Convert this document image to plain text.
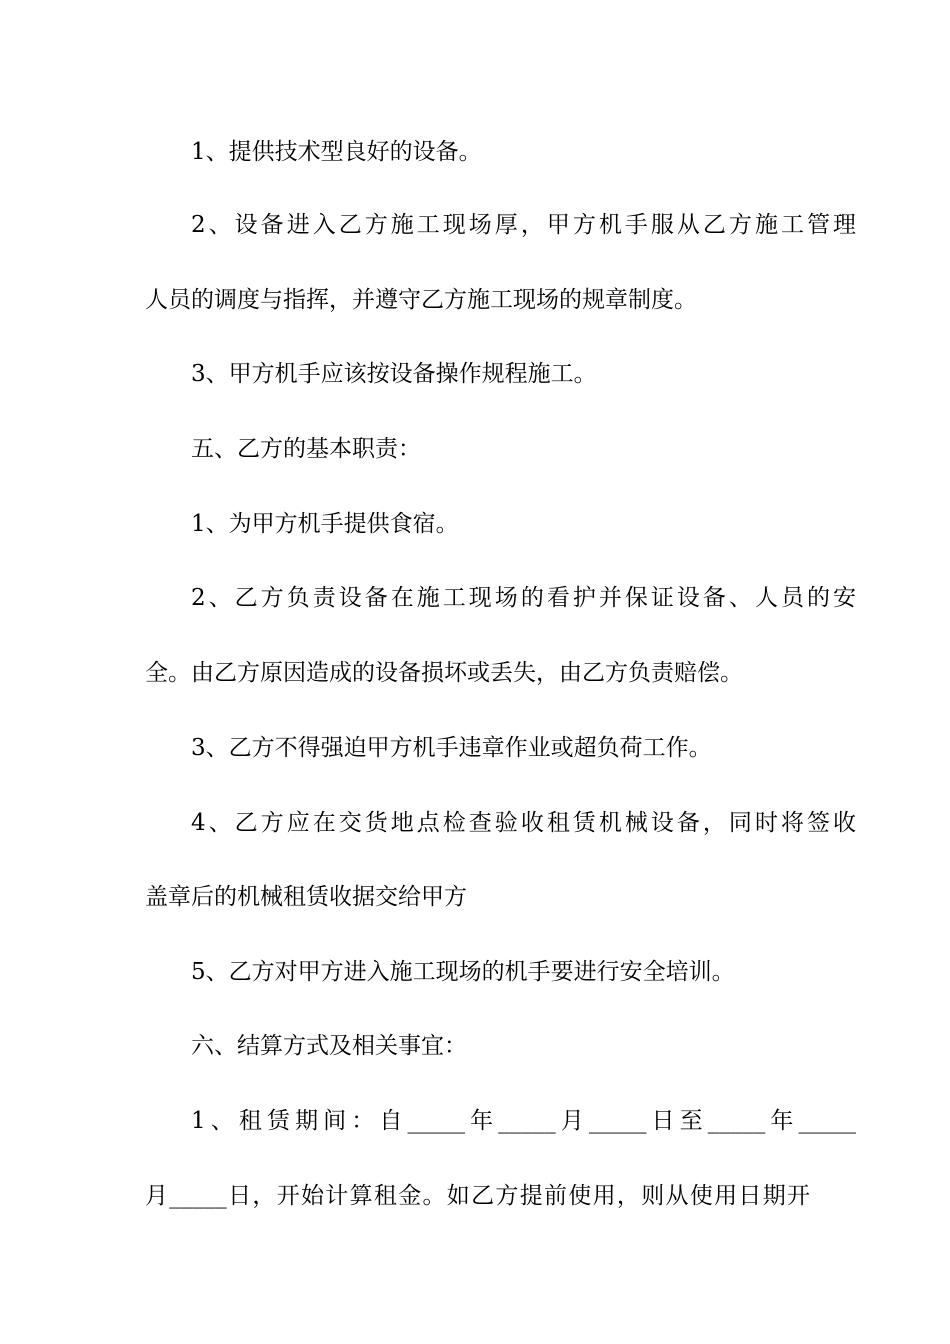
1、提供技术型良好的设备。
2、设备进入乙方施工现场厚，甲方机手服从乙方施工管理
人员的调度与指挥，并遵守乙方施工现场的规章制度。
3、甲方机手应该按设备操作规程施工。
五、乙方的基本职责：
1、为甲方机手提供食宿。
2、乙方负责设备在施工现场的看护并保证设备、人员的安
全。由乙方原因造成的设备损坏或丢失，由乙方负责赔偿。
3、乙方不得强迫甲方机手违章作业或超负荷工作。
4、乙方应在交货地点检查验收租赁机械设备，同时将签收
盖章后的机械租赁收据交给甲方
5、乙方对甲方进入施工现场的机手要进行安全培训。
六、结算方式及相关事宜：
1、租赁期间：自_____年_____月_____日至_____年_____
月_____日，开始计算租金。如乙方提前使用，则从使用日期开
